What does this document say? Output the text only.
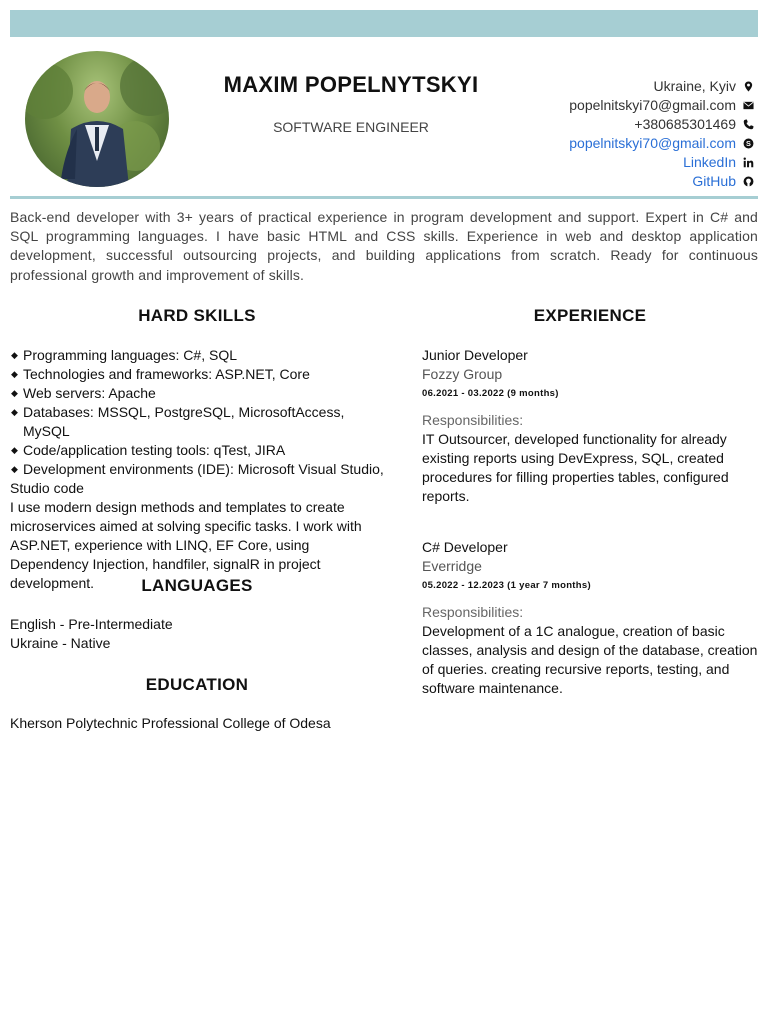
MAXIM POPELNYTSKYI
SOFTWARE ENGINEER
Ukraine, Kyiv
popelnitskyi70@gmail.com
+380685301469
popelnitskyi70@gmail.com S
LinkedIn
GitHub
Back-end developer with 3+ years of practical experience in program development and support. Expert in C# and SQL programming languages. I have basic HTML and CSS skills. Experience in web and desktop application development, successful outsourcing projects, and building applications from scratch. Ready for continuous professional growth and improvement of skills.
HARD SKILLS
◆ Programming languages: C#, SQL
◆ Technologies and frameworks: ASP.NET, Core
◆ Web servers: Apache
◆ Databases: MSSQL, PostgreSQL, MicrosoftAccess, MySQL
◆ Code/application testing tools: qTest, JIRA
◆ Development environments (IDE): Microsoft Visual Studio,
Studio code
I use modern design methods and templates to create microservices aimed at solving specific tasks. I work with ASP.NET, experience with LINQ, EF Core, using Dependency Injection, handfiler, signalR in project development.	LANGUAGES
English - Pre-Intermediate
Ukraine - Native
EDUCATION
Kherson Polytechnic Professional College of Odesa
EXPERIENCE
Junior Developer
Fozzy Group
06.2021 - 03.2022 (9 months)
Responsibilities:
IT Outsourcer, developed functionality for already existing reports using DevExpress, SQL, created procedures for filling properties tables, configured reports.
C# Developer
Everridge
05.2022 - 12.2023 (1 year 7 months)
Responsibilities:
Development of a 1C analogue, creation of basic classes, analysis and design of the database, creation of queries. creating recursive reports, testing, and software maintenance.
